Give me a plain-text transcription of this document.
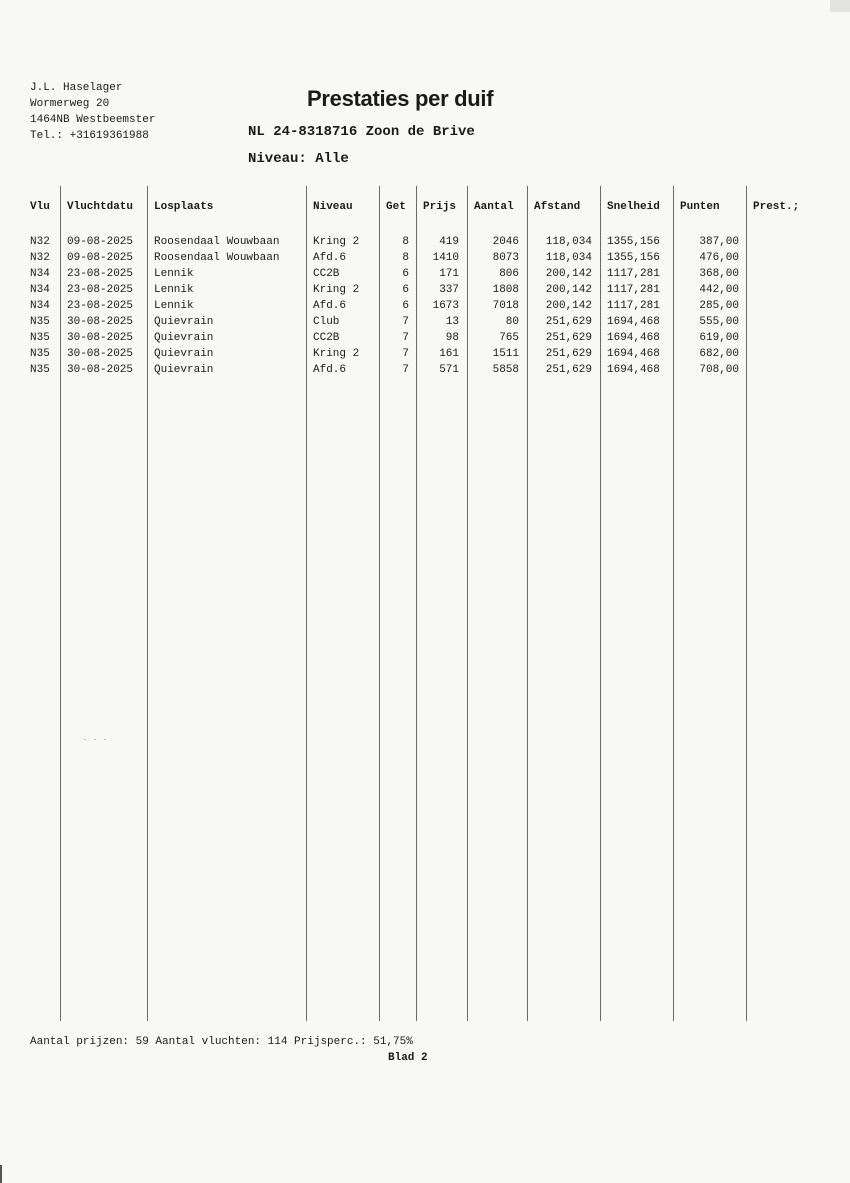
J.L. Haselager
Wormerweg 20
1464NB Westbeemster
Tel.: +31619361988
Prestaties per duif
NL 24-8318716 Zoon de Brive
Niveau: Alle
Vlu Vluchtdatu Losplaats	Niveau	Get Prijs Aantal Afstand Snelheid Punten	Prest.;
N32 09-08-2025 Roosendaal Wouwbaan	Kring 2	8	419	2046	118,034 1355,156	387,00
N32 09-08-2025 Roosendaal Wouwbaan	Afd.6	8	1410	8073	118,034 1355,156	476,00
N34 23-08-2025 Lennik	CC2B	6	171	806	200,142 1117,281	368,00
N34 23-08-2025 Lennik	Kring 2	6	337	1808	200,142 1117,281	442,00
N34 23-08-2025 Lennik	Afd.6	6	1673	7018	200,142 1117,281	285,00
N35 30-08-2025 Quievrain	Club	7	13	80	251,629 1694,468	555,00
N35 30-08-2025 Quievrain	CC2B	7	98	765	251,629 1694,468	619,00
N35 30-08-2025 Quievrain	Kring 2	7	161	1511	251,629 1694,468	682,00
N35 30-08-2025 Quievrain	Afd.6	7	571	5858	251,629 1694,468	708,00
Aantal prijzen: 59 Aantal vluchten: 114 Prijsperc.: 51,75%
Blad 2
